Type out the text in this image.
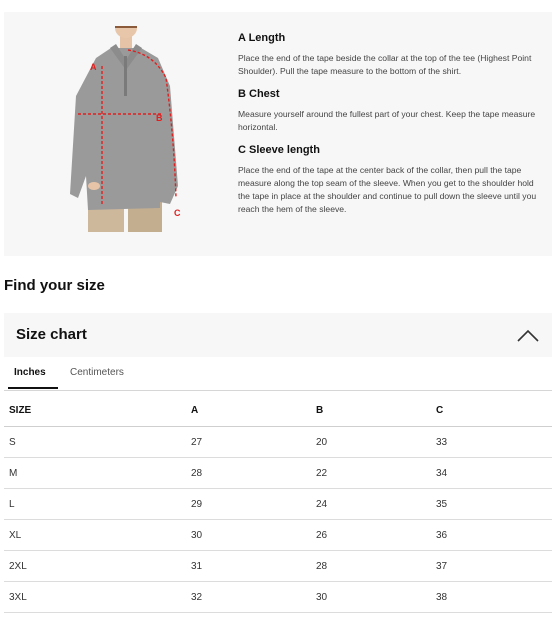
A
B
C
A Length
Place the end of the tape beside the collar at the top of the tee (Highest Point Shoulder). Pull the tape measure to the bottom of the shirt.
B Chest
Measure yourself around the fullest part of your chest. Keep the tape measure horizontal.
C Sleeve length
Place the end of the tape at the center back of the collar, then pull the tape measure along the top seam of the sleeve. When you get to the shoulder hold the tape in place at the shoulder and continue to pull down the sleeve until you reach the hem of the sleeve.
Find your size
Size chart
Inches Centimeters
SIZE	A	B	C
S	27	20	33
M	28	22	34
L	29	24	35
XL	30	26	36
2XL	31	28	37
3XL	32	30	38
